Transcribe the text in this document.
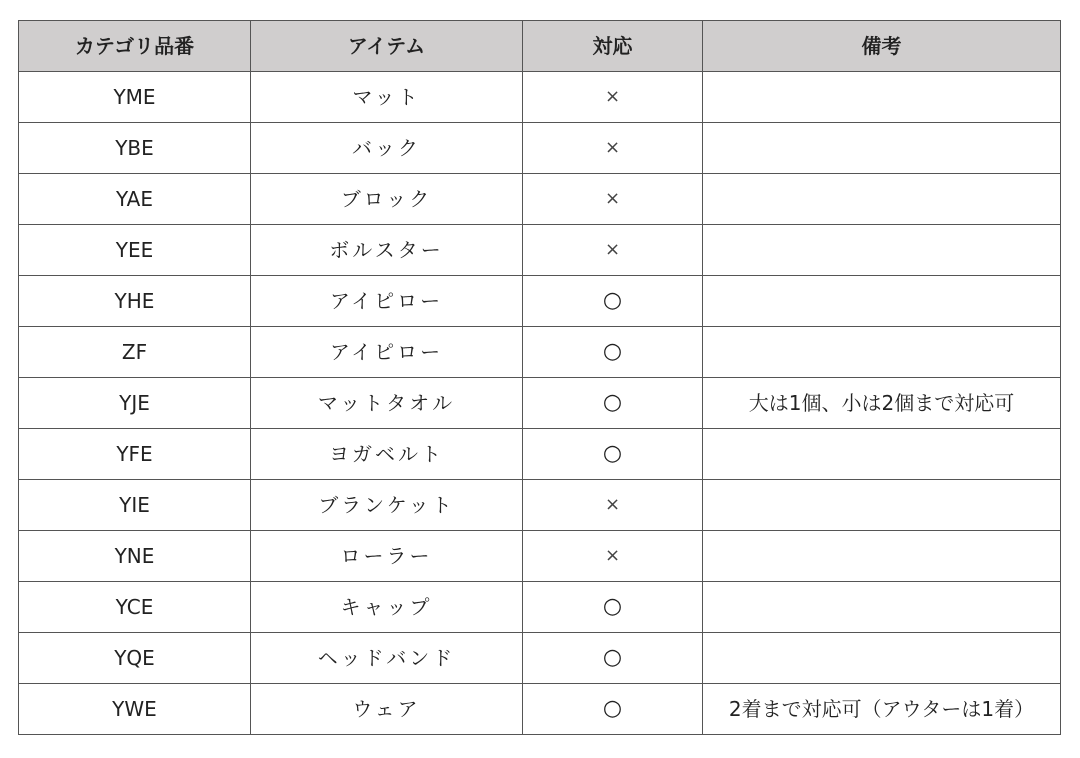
カテゴリ品番	アイテム	対応	備考
YME	マット	×	
YBE	バック	×	
YAE	ブロック	×	
YEE	ボルスター	×	
YHE	アイピロー	○	
ZF	アイピロー	○	
YJE	マットタオル	○	大は1個、小は2個まで対応可
YFE	ヨガベルト	○	
YIE	ブランケット	×	
YNE	ローラー	×	
YCE	キャップ	○	
YQE	ヘッドバンド	○	
YWE	ウェア	○	2着まで対応可（アウターは1着）
